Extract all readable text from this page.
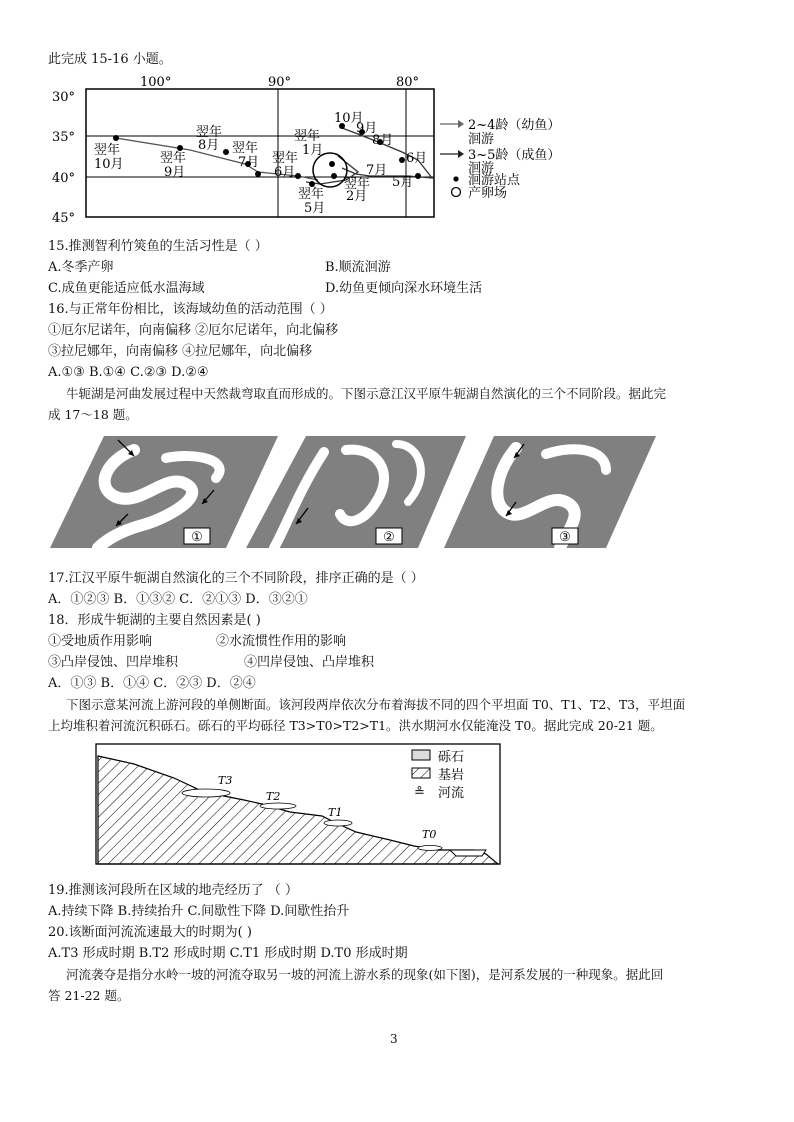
此完成 15-16 小题。
100°	90°	80°
30°
35°
40°
45°
翌年
10月	翌年
9月
翌年
8月 翌年
7月 翌年
6月
翌年
1月
10月
9月
8月
7月
6月
5月
翌年
2月
翌年
5月
2~4龄（幼鱼）
洄游
3~5龄（成鱼）
洄游
洄游站点
产卵场
15.推测智利竹筴鱼的生活习性是（ ）
A.冬季产卵	B.顺流洄游
C.成鱼更能适应低水温海域	D.幼鱼更倾向深水环境生活
16.与正常年份相比，该海域幼鱼的活动范围（ ）
①厄尔尼诺年，向南偏移 ②厄尔尼诺年，向北偏移
③拉尼娜年，向南偏移 ④拉尼娜年，向北偏移
A.①③ B.①④ C.②③ D.②④
牛轭湖是河曲发展过程中天然裁弯取直而形成的。下图示意江汉平原牛轭湖自然演化的三个不同阶段。据此完
成 17～18 题。
①	②	③
17.江汉平原牛轭湖自然演化的三个不同阶段，排序正确的是（ ）
A．①②③ B．①③② C．②①③ D．③②①
18．形成牛轭湖的主要自然因素是( )
①受地质作用影响	②水流惯性作用的影响
③凸岸侵蚀、凹岸堆积	④凹岸侵蚀、凸岸堆积
A．①③ B．①④ C．②③ D．②④
下图示意某河流上游河段的单侧断面。该河段两岸依次分布着海拔不同的四个平坦面 T0、T1、T2、T3，平坦面
上均堆积着河流沉积砾石。砾石的平均砾径 T3>T0>T2>T1。洪水期河水仅能淹没 T0。据此完成 20-21 题。
T3
T2
T1
T0
砾石
基岩
≗ 河流
19.推测该河段所在区域的地壳经历了 （ ）
A.持续下降 B.持续抬升 C.间歇性下降 D.间歇性抬升
20.该断面河流流速最大的时期为( )
A.T3 形成时期 B.T2 形成时期 C.T1 形成时期 D.T0 形成时期
河流袭夺是指分水岭一坡的河流夺取另一坡的河流上游水系的现象(如下图)，是河系发展的一种现象。据此回
答 21-22 题。
3
